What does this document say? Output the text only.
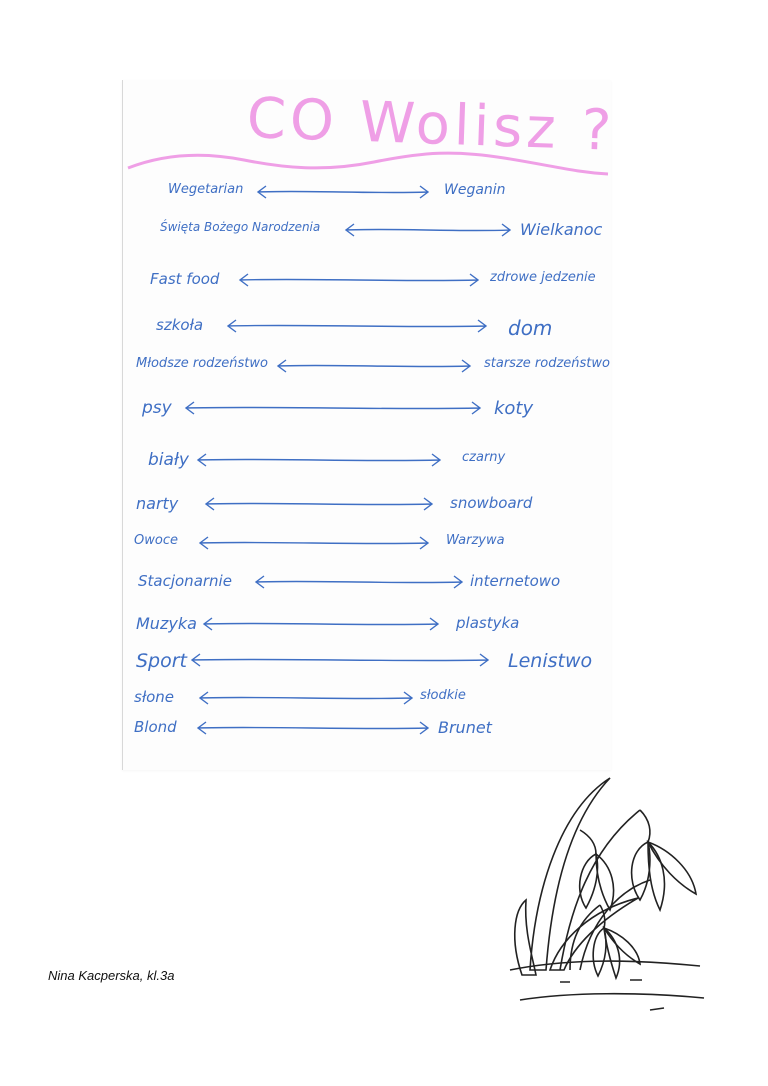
CO Wolisz ?
Wegetarian	Weganin
Święta Bożego Narodzenia	Wielkanoc
Fast food	zdrowe jedzenie
szkoła	dom
Młodsze rodzeństwo	starsze rodzeństwo
psy	koty
biały	czarny
narty	snowboard
Owoce	Warzywa
Stacjonarnie	internetowo
Muzyka	plastyka
Sport	Lenistwo
słone	słodkie
Blond	Brunet
Nina Kacperska, kl.3a
